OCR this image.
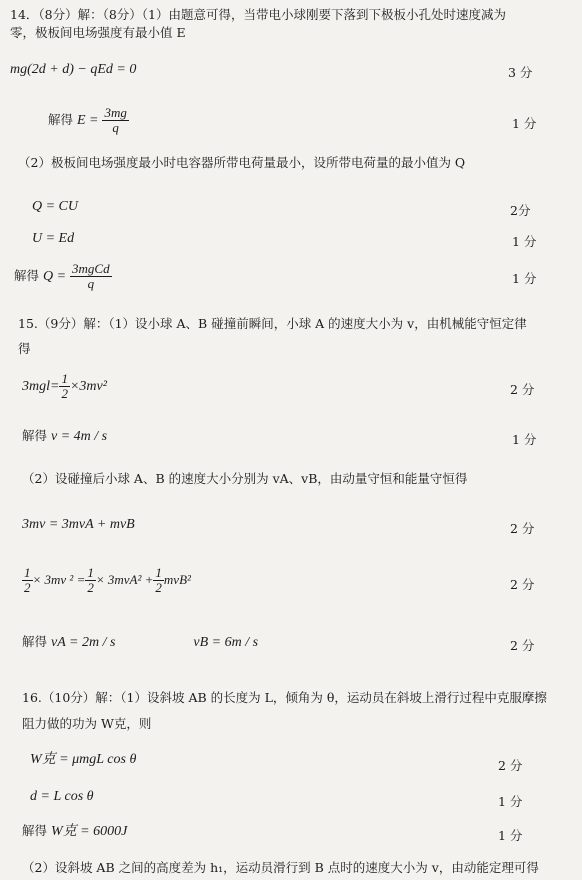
14．（8分）解：（8分）（1）由题意可得，当带电小球刚要下落到下极板小孔处时速度减为
零，极板间电场强度有最小值 E
mg(2d + d) − qEd = 0	3 分
解得 $E = \frac{3mg}{q}$	1 分
（2）极板间电场强度最小时电容器所带电荷量最小，设所带电荷量的最小值为 Q
Q = CU	2分
U = Ed	1 分
解得 $Q = \frac{\text{3mgCd}}{q}$	1 分
15.（9分）解：（1）设小球 A、B 碰撞前瞬间，小球 A 的速度大小为 v，由机械能守恒定律
得
$3mgl= \frac{1}{2} \times 3mv^2$	2 分
解得 v = 4m / s	1 分
（2）设碰撞后小球 A、B 的速度大小分别为 vA、vB，由动量守恒和能量守恒得
3mv = 3mvA + mvB	2 分
$\frac{1}{2} \times 3mv$ $^2 = \frac{1}{2} \times 3mvA^2 + \frac{1}{2} mvB^2$	2 分
解得 vA = 2m / s	vB = 6m / s	2 分
16.（10分）解：（1）设斜坡 AB 的长度为 L，倾角为 θ，运动员在斜坡上滑行过程中克服摩擦
阻力做的功为 W克，则
W克 = μmgL cos θ	2 分
d = L cos θ	1 分
解得 W克 = 6000J	1 分
（2）设斜坡 AB 之间的高度差为 h₁，运动员滑行到 B 点时的速度大小为 v，由动能定理可得
